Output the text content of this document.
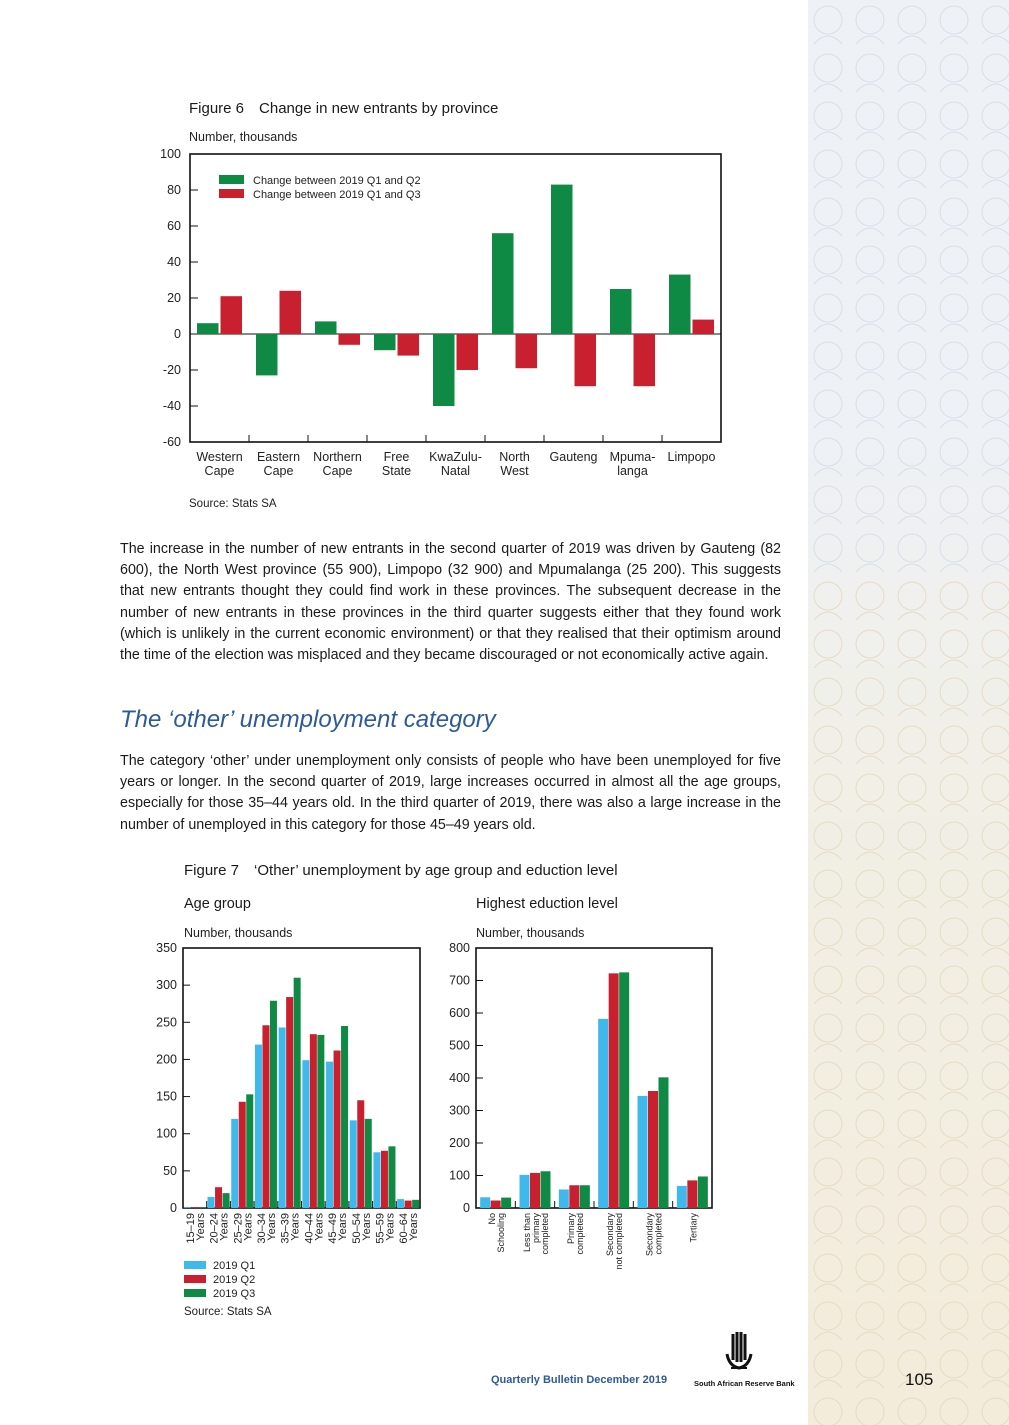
Figure 6  Change in new entrants by province
Number, thousands
-60
-40
-20
0
20
40
60
80
100
Western
Cape
Eastern
Cape
Northern
Cape
Free
State
KwaZulu-
Natal
North
West
Gauteng Mpuma-
langa
Limpopo
Change between 2019 Q1 and Q2
Change between 2019 Q1 and Q3
Source: Stats SA

The increase in the number of new entrants in the second quarter of 2019 was driven by Gauteng (82 600), the North West province (55 900), Limpopo (32 900) and Mpumalanga (25 200). This suggests that new entrants thought they could find work in these provinces. The subsequent decrease in the number of new entrants in these provinces in the third quarter suggests either that they found work (which is unlikely in the current economic environment) or that they realised that their optimism around the time of the election was misplaced and they became discouraged or not economically active again.

The ‘other’ unemployment category

The category ‘other’ under unemployment only consists of people who have been unemployed for five years or longer. In the second quarter of 2019, large increases occurred in almost all the age groups, especially for those 35–44 years old. In the third quarter of 2019, there was also a large increase in the number of unemployed in this category for those 45–49 years old.

Figure 7  ‘Other’ unemployment by age group and eduction level
Age group	Highest eduction level
Number, thousands	Number, thousands
0
50
100
150
200
250
300
350
15–19
Years 20–24
Years 25–29
Years 30–34
Years 35–39
Years 40–44
Years 45–49
Years 50–54
Years 55–59
Years 60–64
Years
2019 Q1
2019 Q2
2019 Q3
0
100
200
300
400
500
600
700
800
No Schooling Less than primary completed Primary completed Secondary not completed Secondary completed	Tertiary
Source: Stats SA
Quarterly Bulletin December 2019	South African Reserve Bank	105
